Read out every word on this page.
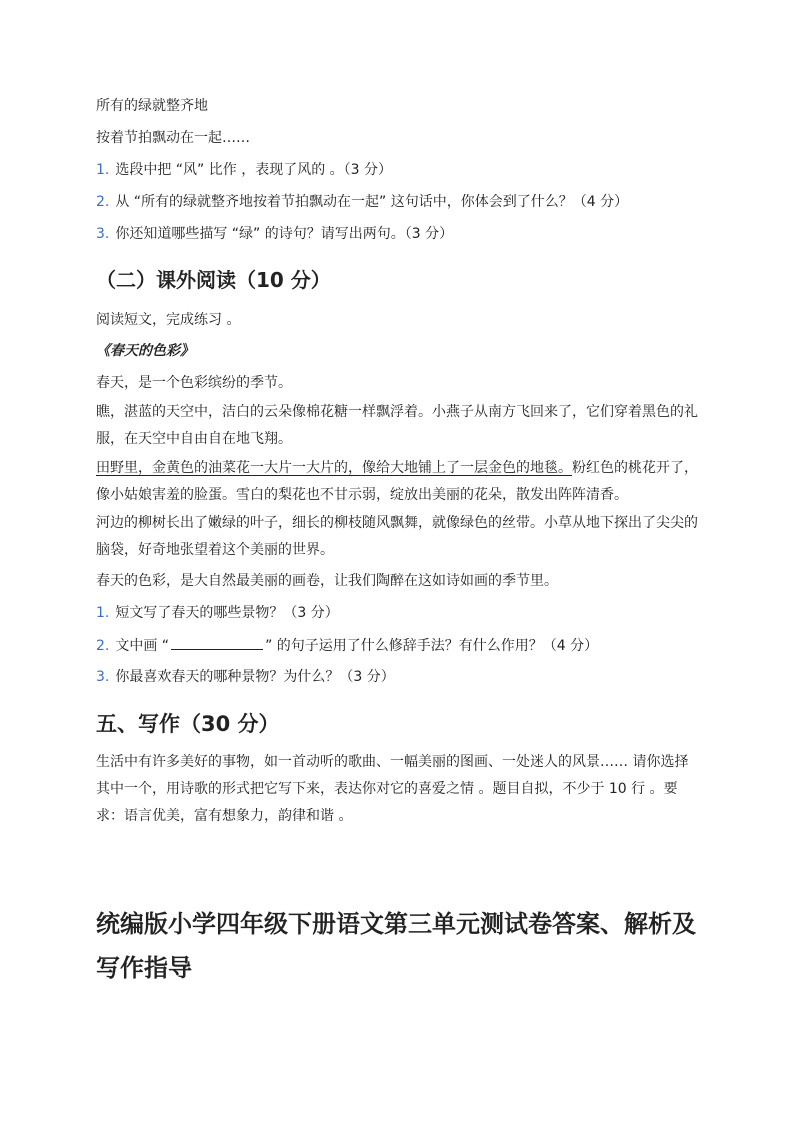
所有的绿就整齐地
按着节拍飘动在一起……
1. 选段中把 “风” 比作 ，表现了风的 。（3 分）
2. 从 “所有的绿就整齐地按着节拍飘动在一起” 这句话中，你体会到了什么？（4 分）
3. 你还知道哪些描写 “绿” 的诗句？请写出两句。（3 分）
（二）课外阅读（10 分）
阅读短文，完成练习 。
《春天的色彩》
春天，是一个色彩缤纷的季节。
瞧，湛蓝的天空中，洁白的云朵像棉花糖一样飘浮着。小燕子从南方飞回来了，它们穿着黑色的礼服，在天空中自由自在地飞翔。
田野里，金黄色的油菜花一大片一大片的，像给大地铺上了一层金色的地毯。粉红色的桃花开了，像小姑娘害羞的脸蛋。雪白的梨花也不甘示弱，绽放出美丽的花朵，散发出阵阵清香。
河边的柳树长出了嫩绿的叶子，细长的柳枝随风飘舞，就像绿色的丝带。小草从地下探出了尖尖的脑袋，好奇地张望着这个美丽的世界。
春天的色彩，是大自然最美丽的画卷，让我们陶醉在这如诗如画的季节里。
1. 短文写了春天的哪些景物？（3 分）
2. 文中画 “	” 的句子运用了什么修辞手法？有什么作用？（4 分）
3. 你最喜欢春天的哪种景物？为什么？（3 分）
五、写作（30 分）
生活中有许多美好的事物，如一首动听的歌曲、一幅美丽的图画、一处迷人的风景…… 请你选择其中一个，用诗歌的形式把它写下来，表达你对它的喜爱之情 。题目自拟，不少于 10 行 。要求：语言优美，富有想象力，韵律和谐 。
统编版小学四年级下册语文第三单元测试卷答案、解析及写作指导
